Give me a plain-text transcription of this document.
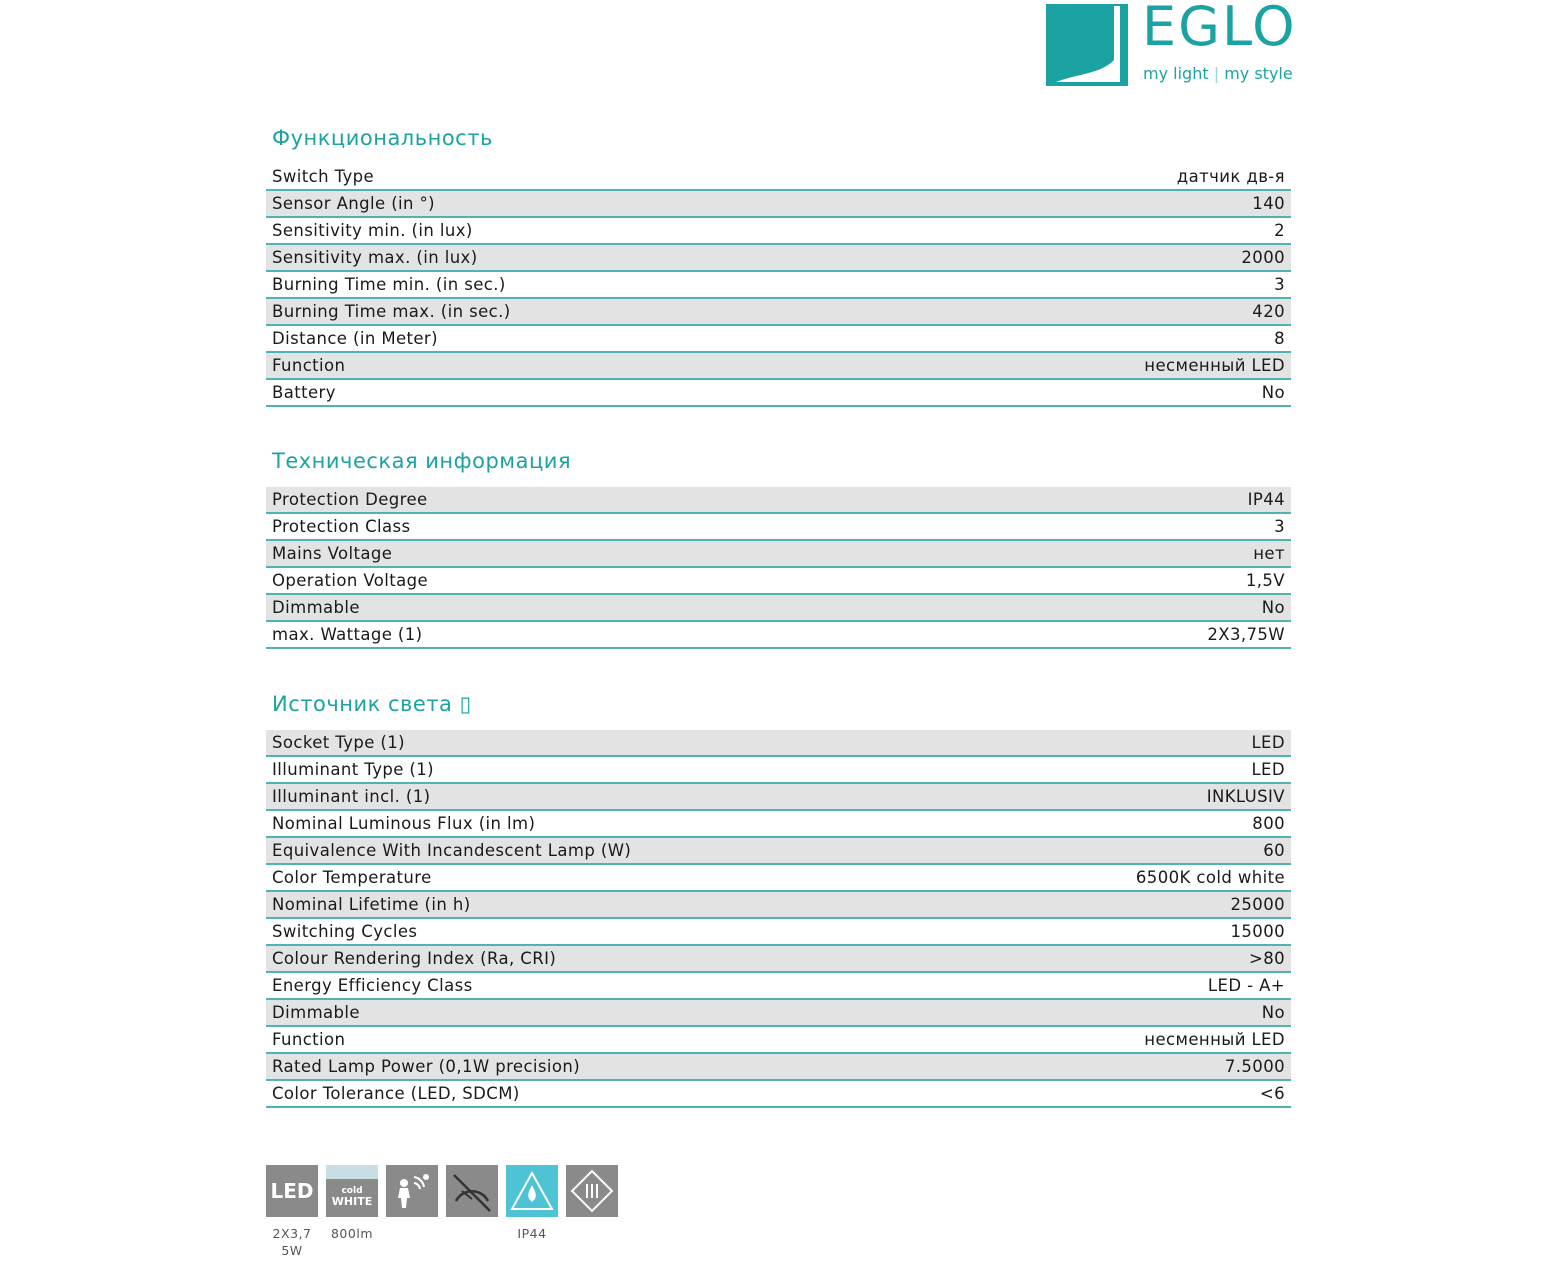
EGLO
my light | my style
Функциональность
Switch Type	датчик дв-я
Sensor Angle (in °)	140
Sensitivity min. (in lux)	2
Sensitivity max. (in lux)	2000
Burning Time min. (in sec.)	3
Burning Time max. (in sec.)	420
Distance (in Meter)	8
Function	несменный LED
Battery	No
Техническая информация
Protection Degree	IP44
Protection Class	3
Mains Voltage	нет
Operation Voltage	1,5V
Dimmable	No
max. Wattage (1)	2X3,75W
Источник света ▯
Socket Type (1)	LED
Illuminant Type (1)	LED
Illuminant incl. (1)	INKLUSIV
Nominal Luminous Flux (in lm)	800
Equivalence With Incandescent Lamp (W)	60
Color Temperature	6500K cold white
Nominal Lifetime (in h)	25000
Switching Cycles	15000
Colour Rendering Index (Ra, CRI)	>80
Energy Efficiency Class	LED - A+
Dimmable	No
Function	несменный LED
Rated Lamp Power (0,1W precision)	7.5000
Color Tolerance (LED, SDCM)	<6
LED
2X3,7
5W
cold
WHITE
800lm	IP44
